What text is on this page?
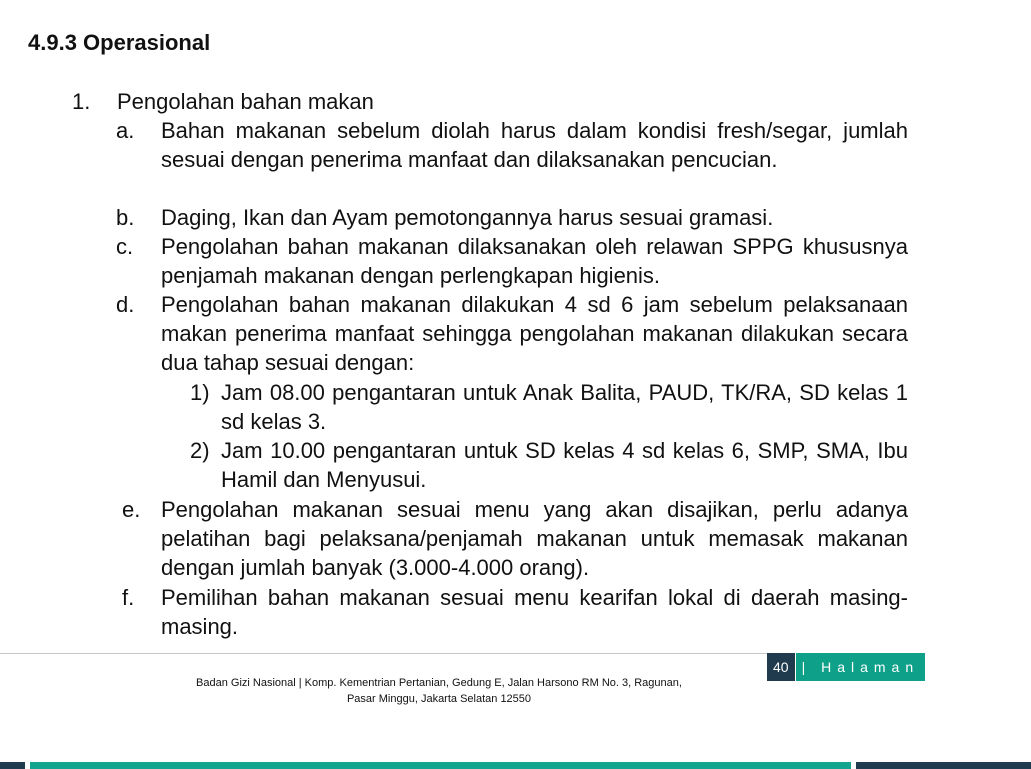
4.9.3 Operasional
1.	Pengolahan bahan makan
a.	Bahan makanan sebelum diolah harus dalam kondisi fresh/segar, jumlah sesuai dengan penerima manfaat dan dilaksanakan pencucian.
b.	Daging, Ikan dan Ayam pemotongannya harus sesuai gramasi.
c.	Pengolahan bahan makanan dilaksanakan oleh relawan SPPG khususnya penjamah makanan dengan perlengkapan higienis.
d.	Pengolahan bahan makanan dilakukan 4 sd 6 jam sebelum pelaksanaan makan penerima manfaat sehingga pengolahan makanan dilakukan secara dua tahap sesuai dengan:
1) Jam 08.00 pengantaran untuk Anak Balita, PAUD, TK/RA, SD kelas 1 sd kelas 3.
2) Jam 10.00 pengantaran untuk SD kelas 4 sd kelas 6, SMP, SMA, Ibu Hamil dan Menyusui.
e. Pengolahan makanan sesuai menu yang akan disajikan, perlu adanya pelatihan bagi pelaksana/penjamah makanan untuk memasak makanan dengan jumlah banyak (3.000-4.000 orang).
f.	Pemilihan bahan makanan sesuai menu kearifan lokal di daerah masing-masing.
40 | Halaman
Badan Gizi Nasional | Komp. Kementrian Pertanian, Gedung E, Jalan Harsono RM No. 3, Ragunan,
Pasar Minggu, Jakarta Selatan 12550
